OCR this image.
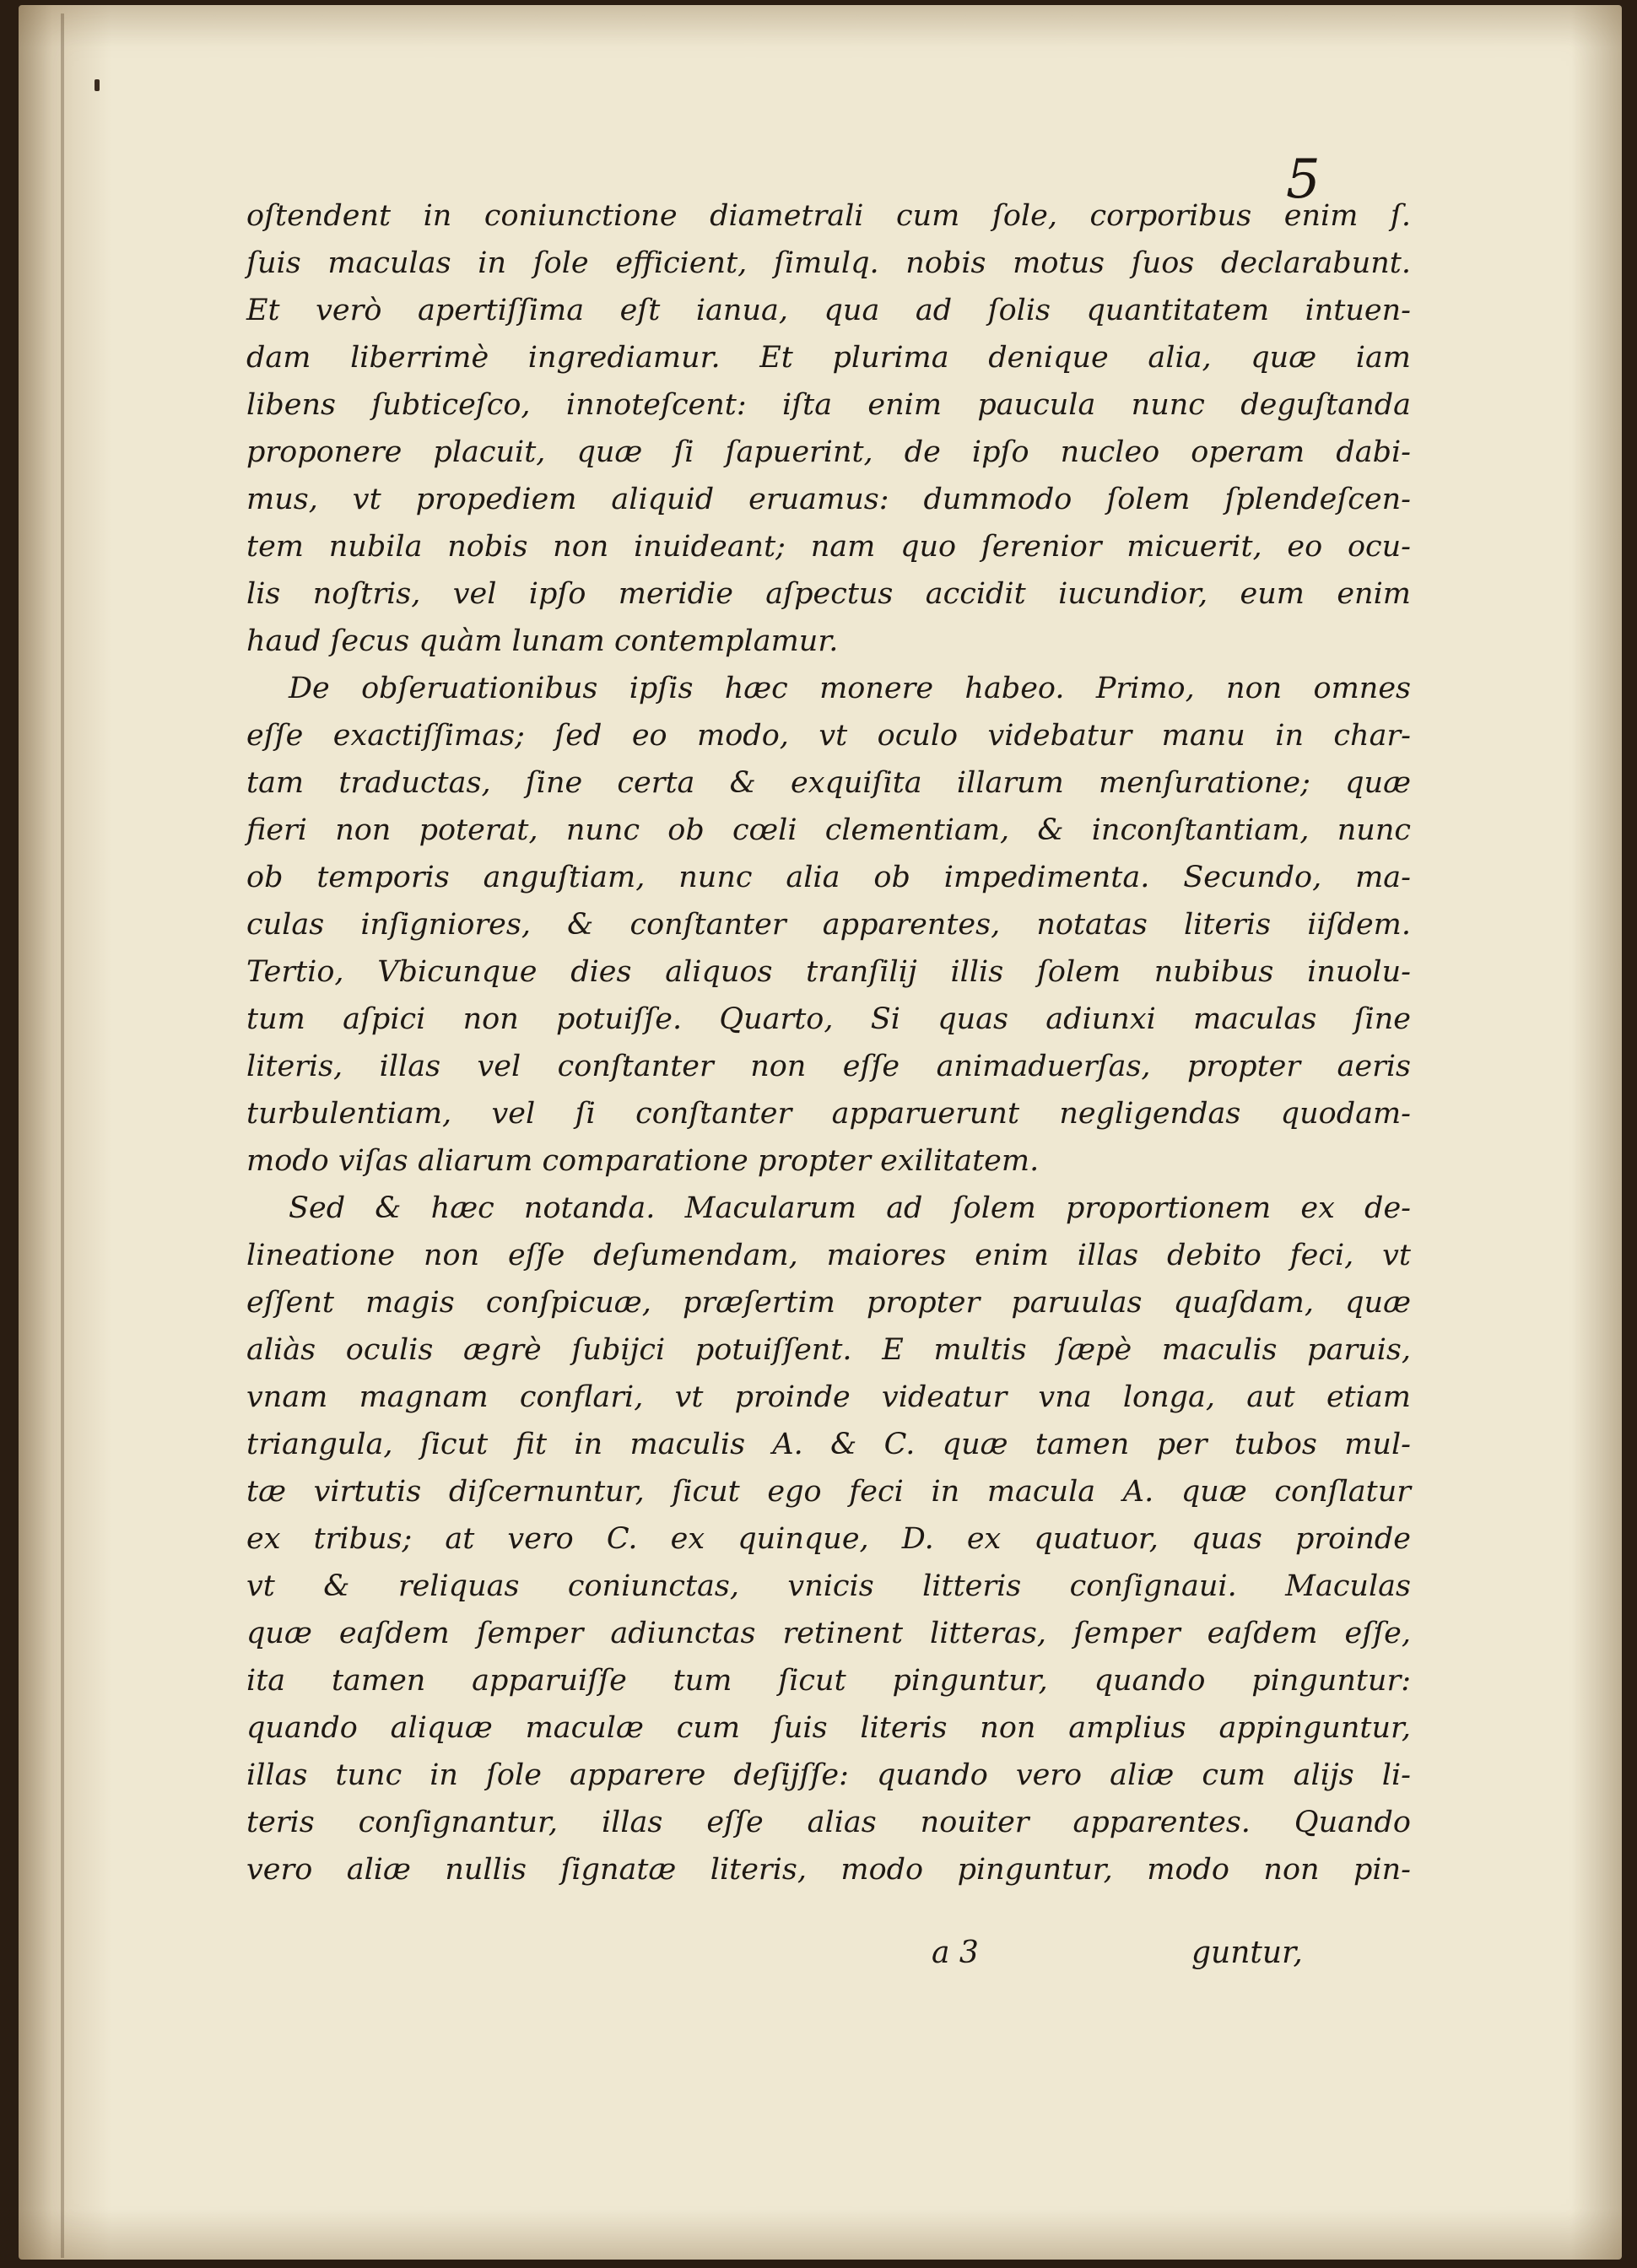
5
oſtendent in coniunctione diametrali cum ſole, corporibus enim ſ.
ſuis maculas in ſole efficient, ſimulq. nobis motus ſuos declarabunt.
Et verò apertiſſima eſt ianua, qua ad ſolis quantitatem intuen-
dam liberrimè ingrediamur. Et plurima denique alia, quæ iam
libens ſubticeſco, innoteſcent: iſta enim paucula nunc deguſtanda
proponere placuit, quæ ſi ſapuerint, de ipſo nucleo operam dabi-
mus, vt propediem aliquid eruamus: dummodo ſolem ſplendeſcen-
tem nubila nobis non inuideant; nam quo ſerenior micuerit, eo ocu-
lis noſtris, vel ipſo meridie aſpectus accidit iucundior, eum enim
haud ſecus quàm lunam contemplamur.
De obſeruationibus ipſis hæc monere habeo. Primo, non omnes
eſſe exactiſſimas; ſed eo modo, vt oculo videbatur manu in char-
tam traductas, ſine certa & exquiſita illarum menſuratione; quæ
fieri non poterat, nunc ob cœli clementiam, & inconſtantiam, nunc
ob temporis anguſtiam, nunc alia ob impedimenta. Secundo, ma-
culas inſigniores, & conſtanter apparentes, notatas literis iiſdem.
Tertio, Vbicunque dies aliquos tranſilij illis ſolem nubibus inuolu-
tum aſpici non potuiſſe. Quarto, Si quas adiunxi maculas ſine
literis, illas vel conſtanter non eſſe animaduerſas, propter aeris
turbulentiam, vel ſi conſtanter apparuerunt negligendas quodam-
modo viſas aliarum comparatione propter exilitatem.
Sed & hæc notanda. Macularum ad ſolem proportionem ex de-
lineatione non eſſe deſumendam, maiores enim illas debito feci, vt
eſſent magis conſpicuæ, præſertim propter paruulas quaſdam, quæ
aliàs oculis ægrè ſubijci potuiſſent. E multis ſæpè maculis paruis,
vnam magnam conflari, vt proinde videatur vna longa, aut etiam
triangula, ſicut fit in maculis A. & C. quæ tamen per tubos mul-
tæ virtutis diſcernuntur, ſicut ego feci in macula A. quæ conſlatur
ex tribus; at vero C. ex quinque, D. ex quatuor, quas proinde
vt & reliquas coniunctas, vnicis litteris conſignaui. Maculas
quæ eaſdem ſemper adiunctas retinent litteras, ſemper eaſdem eſſe,
ita tamen apparuiſſe tum ſicut pinguntur, quando pinguntur:
quando aliquæ maculæ cum ſuis literis non amplius appinguntur,
illas tunc in ſole apparere deſijſſe: quando vero aliæ cum alijs li-
teris conſignantur, illas eſſe alias nouiter apparentes. Quando
vero aliæ nullis ſignatæ literis, modo pinguntur, modo non pin-
a 3	guntur,
